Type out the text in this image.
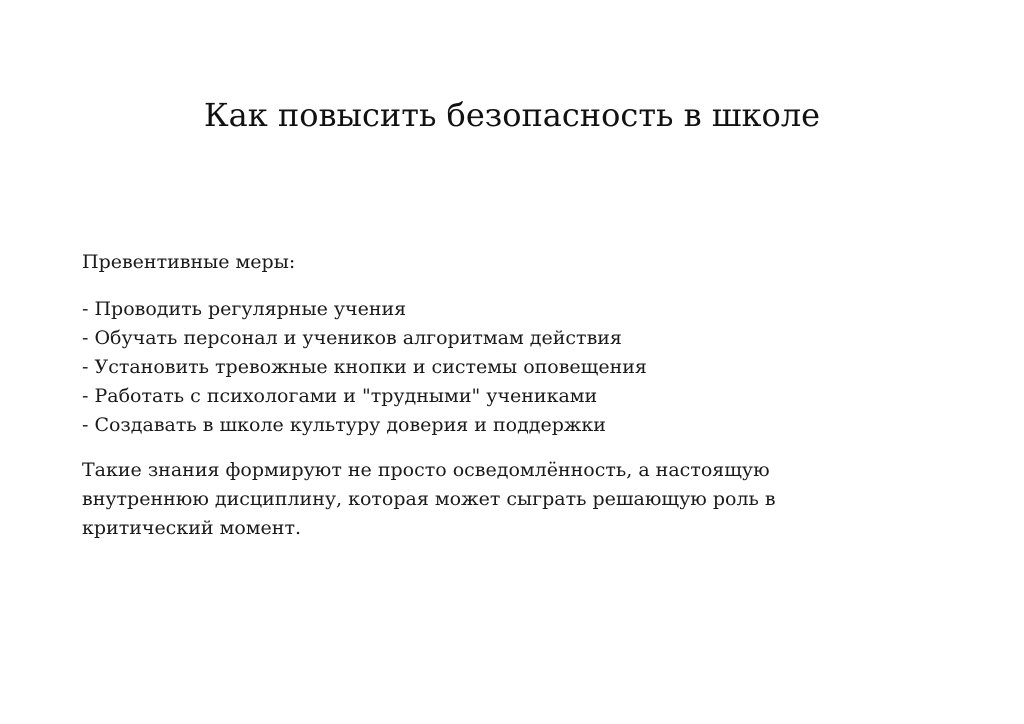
Как повысить безопасность в школе

Превентивные меры:

- Проводить регулярные учения
- Обучать персонал и учеников алгоритмам действия
- Установить тревожные кнопки и системы оповещения
- Работать с психологами и "трудными" учениками
- Создавать в школе культуру доверия и поддержки

Такие знания формируют не просто осведомлённость, а настоящую внутреннюю дисциплину, которая может сыграть решающую роль в критический момент.
